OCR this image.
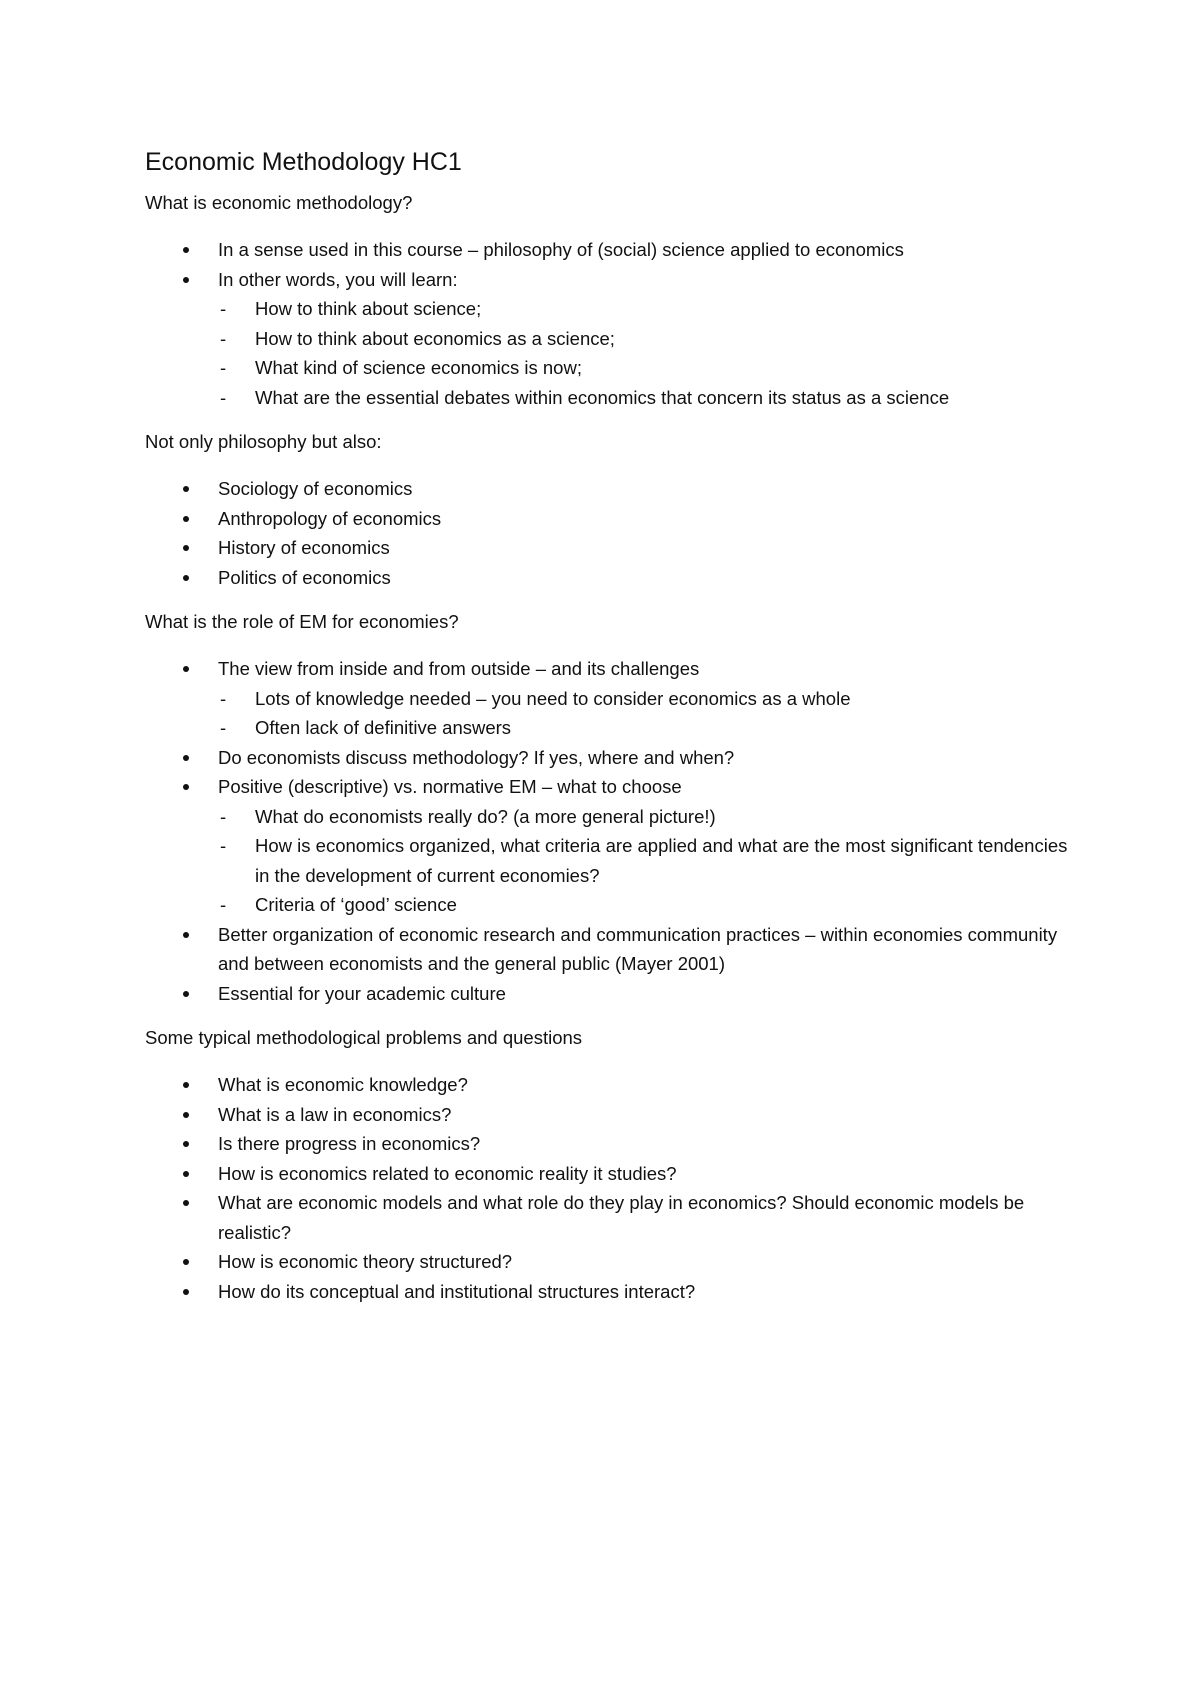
Economic Methodology HC1
What is economic methodology?
In a sense used in this course – philosophy of (social) science applied to economics
In other words, you will learn:
- How to think about science;
- How to think about economics as a science;
- What kind of science economics is now;
- What are the essential debates within economics that concern its status as a science
Not only philosophy but also:
Sociology of economics
Anthropology of economics
History of economics
Politics of economics
What is the role of EM for economies?
The view from inside and from outside – and its challenges
- Lots of knowledge needed – you need to consider economics as a whole
- Often lack of definitive answers
Do economists discuss methodology? If yes, where and when?
Positive (descriptive) vs. normative EM – what to choose
- What do economists really do? (a more general picture!)
- How is economics organized, what criteria are applied and what are the most significant tendencies in the development of current economies?
- Criteria of ‘good’ science
Better organization of economic research and communication practices – within economies community and between economists and the general public (Mayer 2001)
Essential for your academic culture
Some typical methodological problems and questions
What is economic knowledge?
What is a law in economics?
Is there progress in economics?
How is economics related to economic reality it studies?
What are economic models and what role do they play in economics? Should economic models be realistic?
How is economic theory structured?
How do its conceptual and institutional structures interact?
